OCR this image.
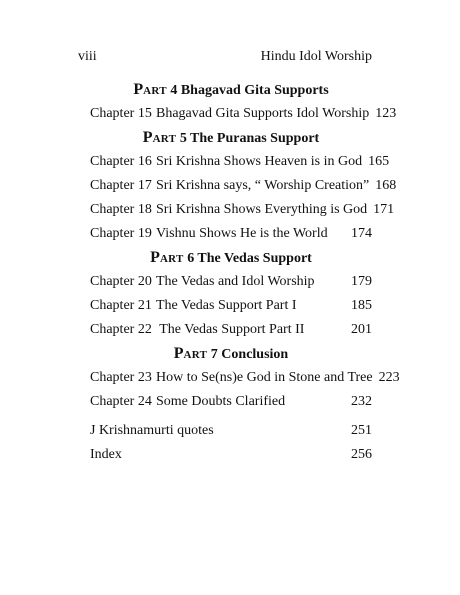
viii	Hindu Idol Worship
PART 4 Bhagavad Gita Supports
Chapter 15 Bhagavad Gita Supports Idol Worship 123
PART 5 The Puranas Support
Chapter 16 Sri Krishna Shows Heaven is in God 165
Chapter 17 Sri Krishna says, “ Worship Creation” 168
Chapter 18 Sri Krishna Shows Everything is God 171
Chapter 19 Vishnu Shows He is the World	174
PART 6 The Vedas Support
Chapter 20 The Vedas and Idol Worship	179
Chapter 21 The Vedas Support Part I	185
Chapter 22 The Vedas Support Part II	201
PART 7 Conclusion
Chapter 23 How to Se(ns)e God in Stone and Tree 223
Chapter 24 Some Doubts Clarified	232
J Krishnamurti quotes	251
Index	256
